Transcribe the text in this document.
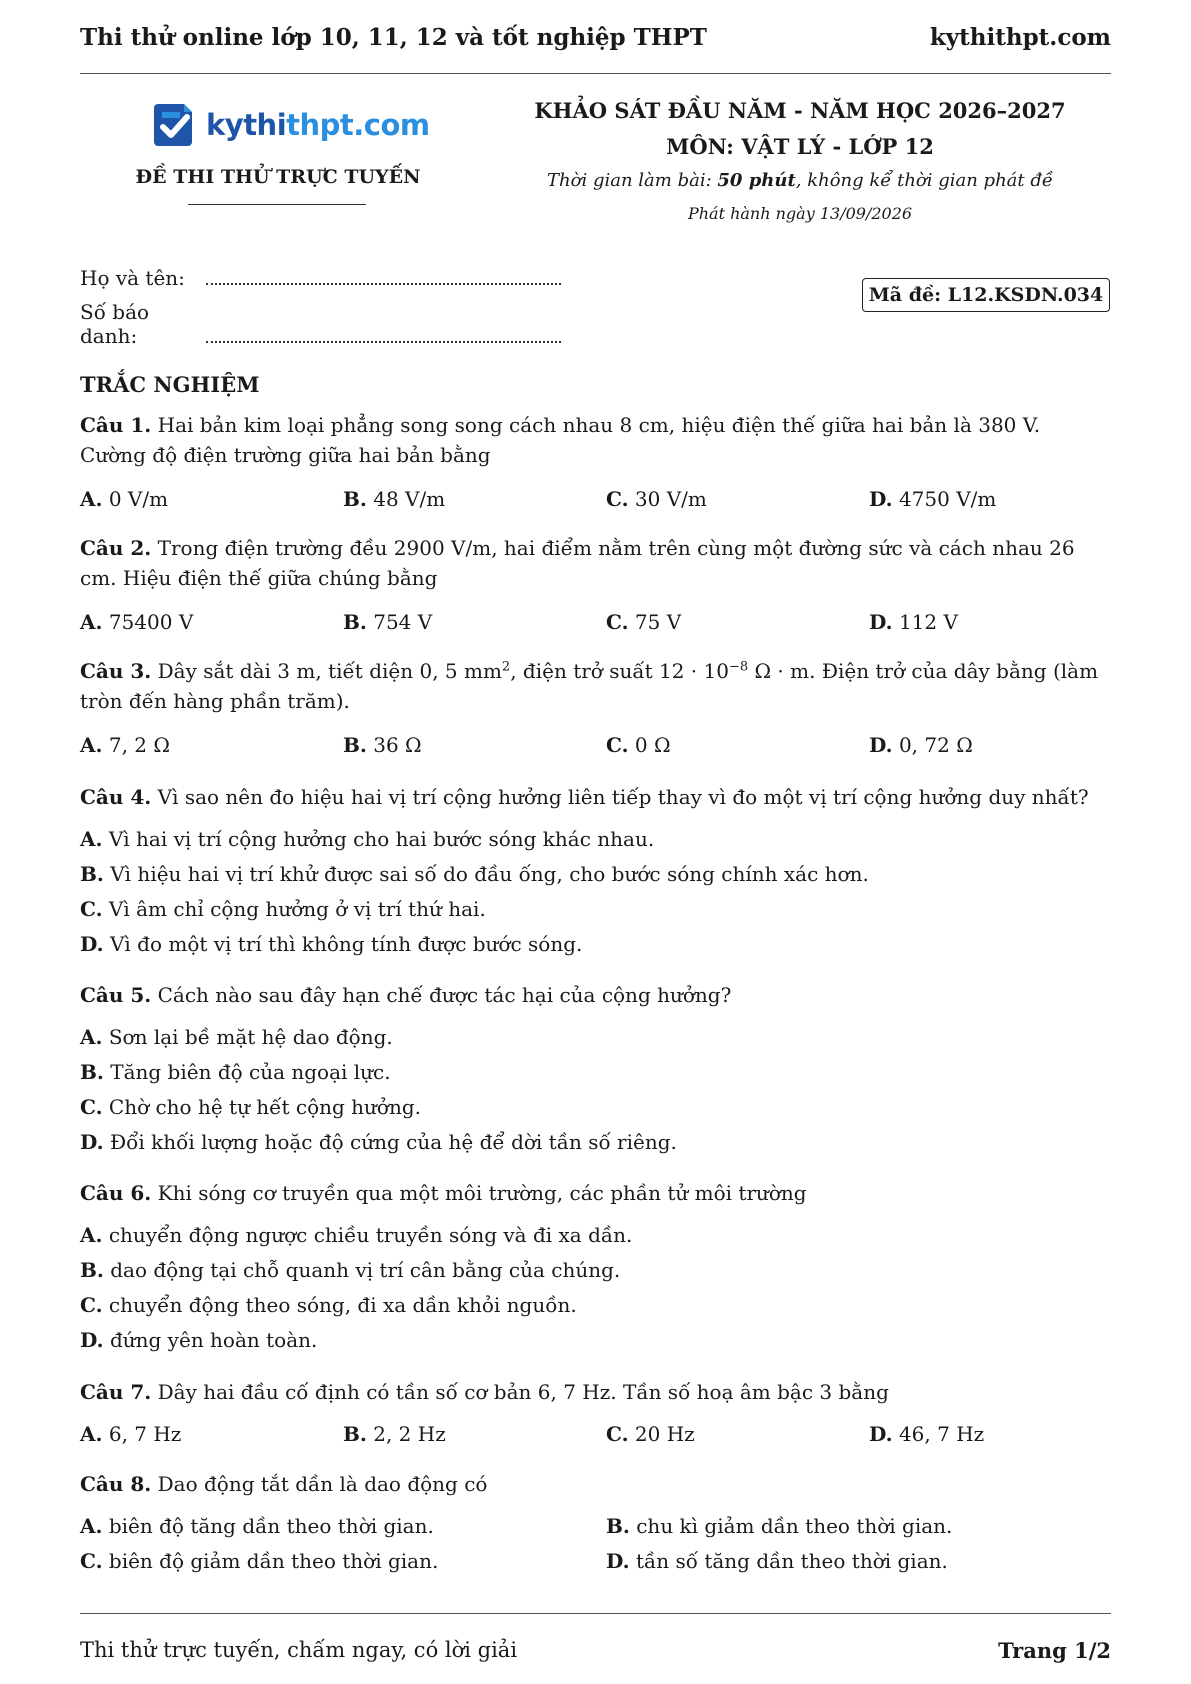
Thi thử online lớp 10, 11, 12 và tốt nghiệp THPT	kythithpt.com
kythithpt.com
ĐỀ THI THỬ TRỰC TUYẾN
KHẢO SÁT ĐẦU NĂM - NĂM HỌC 2026–2027
MÔN: VẬT LÝ - LỚP 12
Thời gian làm bài: 50 phút, không kể thời gian phát đề
Phát hành ngày 13/09/2026
Họ và tên:
Số báo danh:
Mã đề: L12.KSDN.034
TRẮC NGHIỆM
Câu 1. Hai bản kim loại phẳng song song cách nhau 8 cm, hiệu điện thế giữa hai bản là 380 V. Cường độ điện trường giữa hai bản bằng
A. 0 V/m	B. 48 V/m	C. 30 V/m	D. 4750 V/m
Câu 2. Trong điện trường đều 2900 V/m, hai điểm nằm trên cùng một đường sức và cách nhau 26 cm. Hiệu điện thế giữa chúng bằng
A. 75400 V	B. 754 V	C. 75 V	D. 112 V
Câu 3. Dây sắt dài 3 m, tiết diện 0, 5 $mm^2$, điện trở suất $12 \cdot 10^{-8}$ Ω · m. Điện trở của dây bằng (làm tròn đến hàng phần trăm).
A. 7, 2 Ω	B. 36 Ω	C. 0 Ω	D. 0, 72 Ω
Câu 4. Vì sao nên đo hiệu hai vị trí cộng hưởng liên tiếp thay vì đo một vị trí cộng hưởng duy nhất?
A. Vì hai vị trí cộng hưởng cho hai bước sóng khác nhau.
B. Vì hiệu hai vị trí khử được sai số do đầu ống, cho bước sóng chính xác hơn.
C. Vì âm chỉ cộng hưởng ở vị trí thứ hai.
D. Vì đo một vị trí thì không tính được bước sóng.
Câu 5. Cách nào sau đây hạn chế được tác hại của cộng hưởng?
A. Sơn lại bề mặt hệ dao động.
B. Tăng biên độ của ngoại lực.
C. Chờ cho hệ tự hết cộng hưởng.
D. Đổi khối lượng hoặc độ cứng của hệ để dời tần số riêng.
Câu 6. Khi sóng cơ truyền qua một môi trường, các phần tử môi trường
A. chuyển động ngược chiều truyền sóng và đi xa dần.
B. dao động tại chỗ quanh vị trí cân bằng của chúng.
C. chuyển động theo sóng, đi xa dần khỏi nguồn.
D. đứng yên hoàn toàn.
Câu 7. Dây hai đầu cố định có tần số cơ bản 6, 7 Hz. Tần số hoạ âm bậc 3 bằng
A. 6, 7 Hz	B. 2, 2 Hz	C. 20 Hz	D. 46, 7 Hz
Câu 8. Dao động tắt dần là dao động có
A. biên độ tăng dần theo thời gian.	B. chu kì giảm dần theo thời gian.
C. biên độ giảm dần theo thời gian.	D. tần số tăng dần theo thời gian.
Thi thử trực tuyến, chấm ngay, có lời giải	Trang 1/2
